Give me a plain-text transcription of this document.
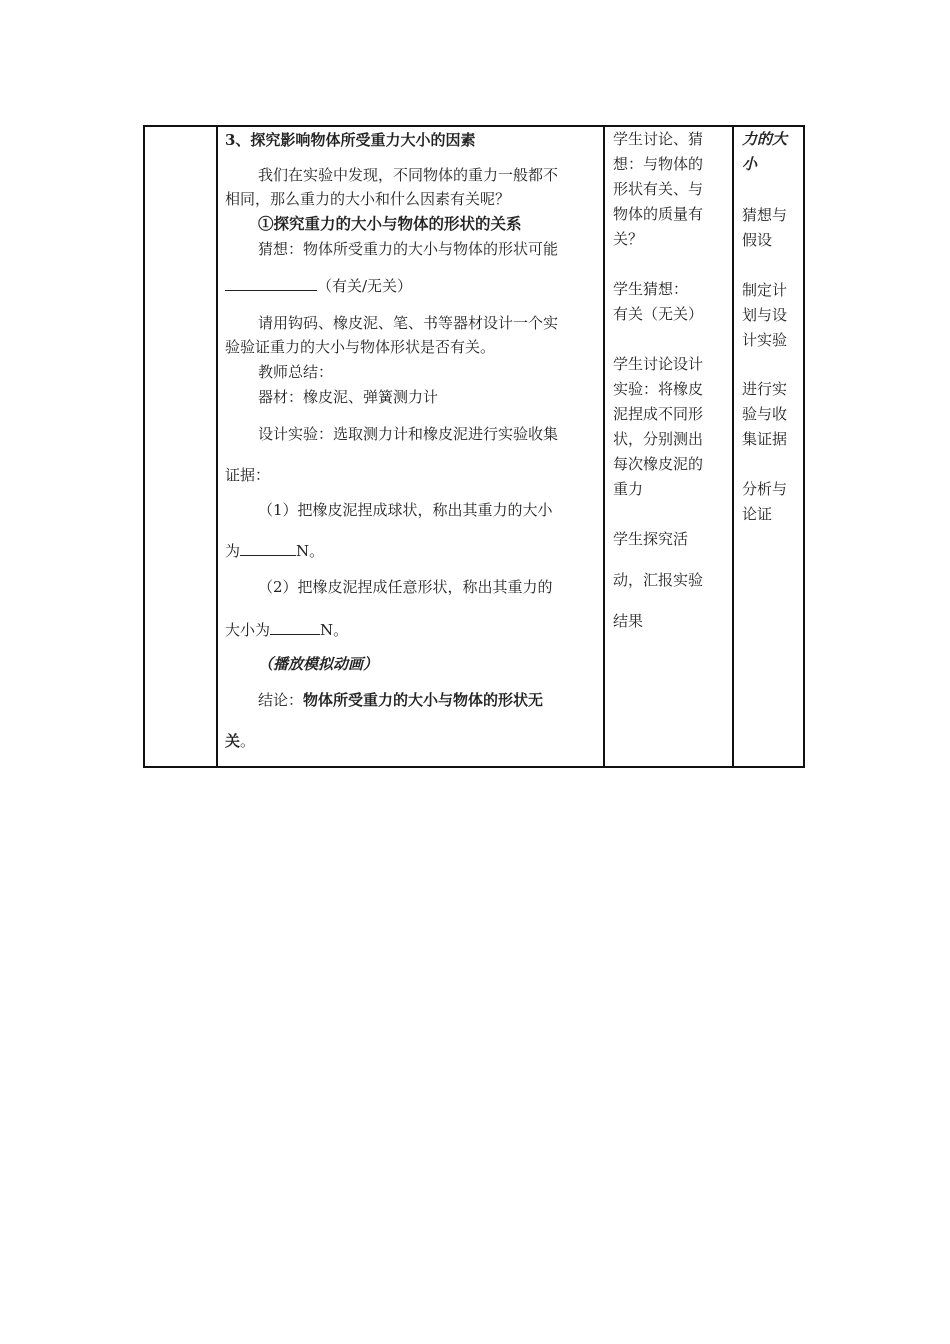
3、探究影响物体所受重力大小的因素
我们在实验中发现，不同物体的重力一般都不
相同，那么重力的大小和什么因素有关呢？
①探究重力的大小与物体的形状的关系
猜想：物体所受重力的大小与物体的形状可能
（有关/无关）
请用钩码、橡皮泥、笔、书等器材设计一个实
验验证重力的大小与物体形状是否有关。
教师总结：
器材：橡皮泥、弹簧测力计
设计实验：选取测力计和橡皮泥进行实验收集
证据：
（1）把橡皮泥捏成球状，称出其重力的大小
为	N。
（2）把橡皮泥捏成任意形状，称出其重力的
大小为	N。
（播放模拟动画）
结论：物体所受重力的大小与物体的形状无
关。
学生讨论、猜
想：与物体的
形状有关、与
物体的质量有
关？
学生猜想：
有关（无关）
学生讨论设计
实验：将橡皮
泥捏成不同形
状，分别测出
每次橡皮泥的
重力
学生探究活
动，汇报实验
结果
力的大
小
猜想与
假设
制定计
划与设
计实验
进行实
验与收
集证据
分析与
论证
